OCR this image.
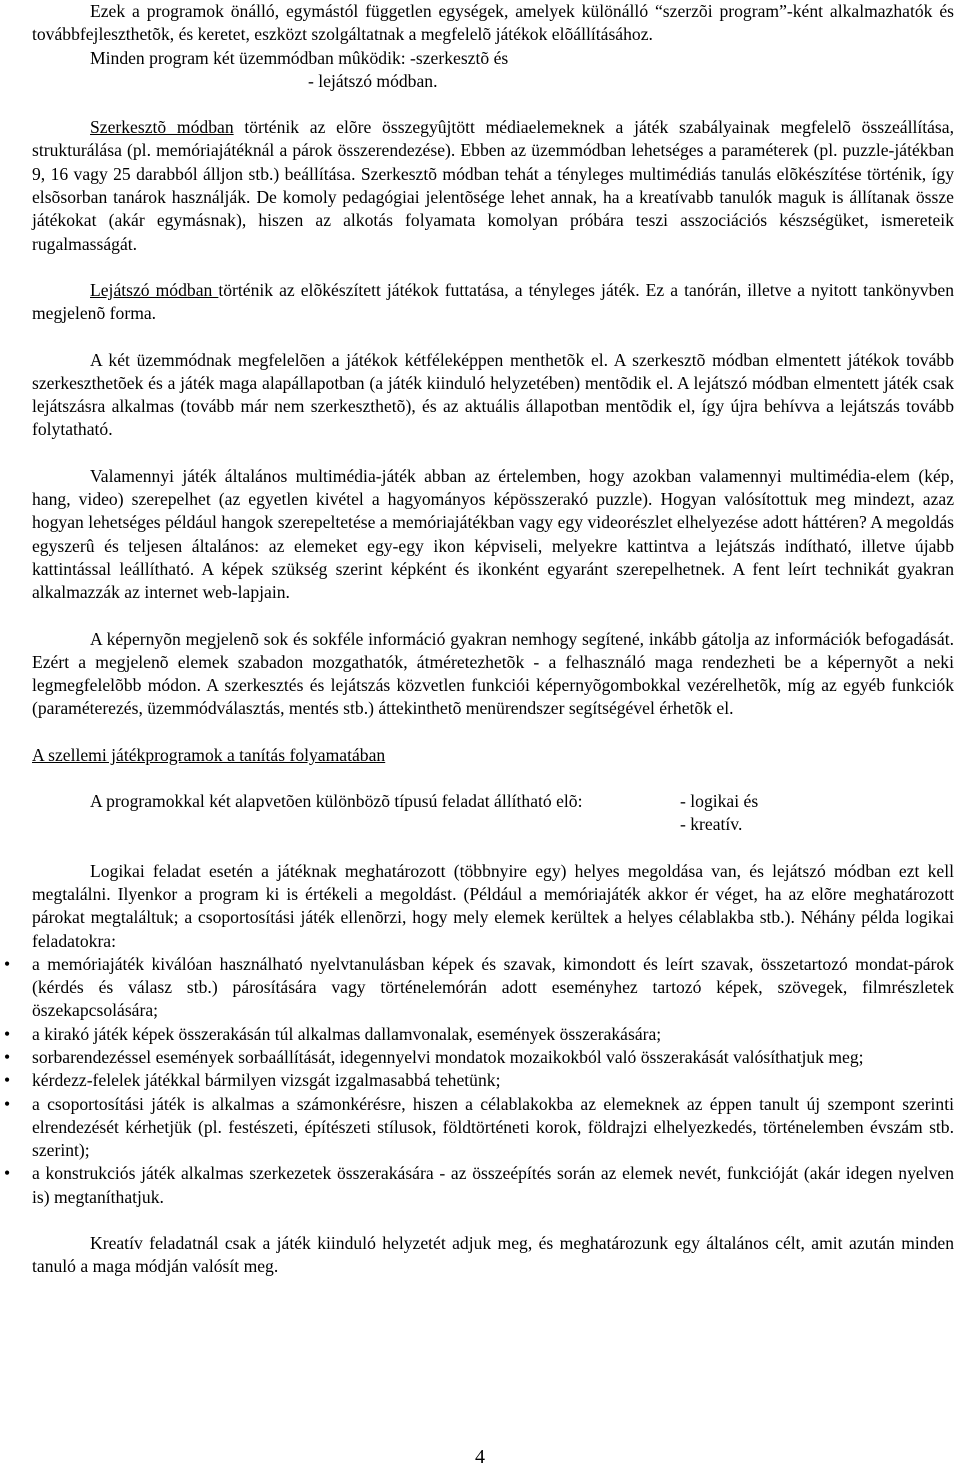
Ezek a programok önálló, egymástól független egységek, amelyek különálló “szerzõi program”-ként alkalmazhatók és továbbfejleszthetõk, és keretet, eszközt szolgáltatnak a megfelelõ játékok elõállításához.

Minden program két üzemmódban mûködik: -szerkesztõ és

- lejátszó módban.

Szerkesztõ módban történik az elõre összegyûjtött médiaelemeknek a játék szabályainak megfelelõ összeállítása, strukturálása (pl. memóriajátéknál a párok összerendezése). Ebben az üzemmódban lehetséges a paraméterek (pl. puzzle-játékban 9, 16 vagy 25 darabból álljon stb.) beállítása. Szerkesztõ módban tehát a tényleges multimédiás tanulás elõkészítése történik, így elsõsorban tanárok használják. De komoly pedagógiai jelentõsége lehet annak, ha a kreatívabb tanulók maguk is állítanak össze játékokat (akár egymásnak), hiszen az alkotás folyamata komolyan próbára teszi asszociációs készségüket, ismereteik rugalmasságát.

Lejátszó módban történik az elõkészített játékok futtatása, a tényleges játék. Ez a tanórán, illetve a nyitott tankönyvben megjelenõ forma.

A két üzemmódnak megfelelõen a játékok kétféleképpen menthetõk el. A szerkesztõ módban elmentett játékok tovább szerkeszthetõek és a játék maga alapállapotban (a játék kiinduló helyzetében) mentõdik el. A lejátszó módban elmentett játék csak lejátszásra alkalmas (tovább már nem szerkeszthetõ), és az aktuális állapotban mentõdik el, így újra behívva a lejátszás tovább folytatható.

Valamennyi játék általános multimédia-játék abban az értelemben, hogy azokban valamennyi multimédia-elem (kép, hang, video) szerepelhet (az egyetlen kivétel a hagyományos képösszerakó puzzle). Hogyan valósítottuk meg mindezt, azaz hogyan lehetséges például hangok szerepeltetése a memóriajátékban vagy egy videorészlet elhelyezése adott háttéren? A megoldás egyszerû és teljesen általános: az elemeket egy-egy ikon képviseli, melyekre kattintva a lejátszás indítható, illetve újabb kattintással leállítható. A képek szükség szerint képként és ikonként egyaránt szerepelhetnek. A fent leírt technikát gyakran alkalmazzák az internet web-lapjain.

A képernyõn megjelenõ sok és sokféle információ gyakran nemhogy segítené, inkább gátolja az információk befogadását. Ezért a megjelenõ elemek szabadon mozgathatók, átméretezhetõk - a felhasználó maga rendezheti be a képernyõt a neki legmegfelelõbb módon. A szerkesztés és lejátszás közvetlen funkciói képernyõgombokkal vezérelhetõk, míg az egyéb funkciók (paraméterezés, üzemmódválasztás, mentés stb.) áttekinthetõ menürendszer segítségével érhetõk el.

A szellemi játékprogramok a tanítás folyamatában

A programokkal két alapvetõen különbözõ típusú feladat állítható elõ:	- logikai és
- kreatív.

Logikai feladat esetén a játéknak meghatározott (többnyire egy) helyes megoldása van, és lejátszó módban ezt kell megtalálni. Ilyenkor a program ki is értékeli a megoldást. (Például a memóriajáték akkor ér véget, ha az elõre meghatározott párokat megtaláltuk; a csoportosítási játék ellenõrzi, hogy mely elemek kerültek a helyes célablakba stb.). Néhány példa logikai feladatokra:

• a memóriajáték kiválóan használható nyelvtanulásban képek és szavak, kimondott és leírt szavak, összetartozó mondat-párok (kérdés és válasz stb.) párosítására vagy történelemórán adott eseményhez tartozó képek, szövegek, filmrészletek öszekapcsolására;
• a kirakó játék képek összerakásán túl alkalmas dallamvonalak, események összerakására;
• sorbarendezéssel események sorbaállítását, idegennyelvi mondatok mozaikokból való összerakását valósíthatjuk meg;
• kérdezz-felelek játékkal bármilyen vizsgát izgalmasabbá tehetünk;
• a csoportosítási játék is alkalmas a számonkérésre, hiszen a célablakokba az elemeknek az éppen tanult új szempont szerinti elrendezését kérhetjük (pl. festészeti, építészeti stílusok, földtörténeti korok, földrajzi elhelyezkedés, történelemben évszám stb. szerint);
• a konstrukciós játék alkalmas szerkezetek összerakására - az összeépítés során az elemek nevét, funkcióját (akár idegen nyelven is) megtaníthatjuk.

Kreatív feladatnál csak a játék kiinduló helyzetét adjuk meg, és meghatározunk egy általános célt, amit azután minden tanuló a maga módján valósít meg.

4
